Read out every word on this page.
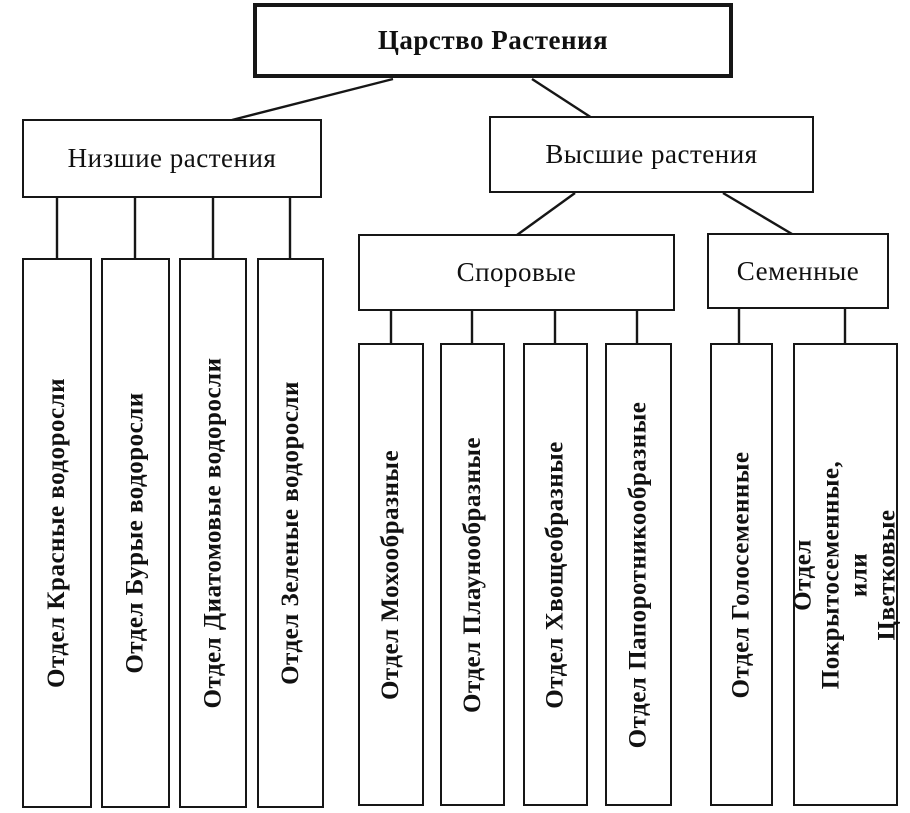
Царство Растения
Низшие растения	Высшие растения
Споровые	Семенные
Отдел Красные водоросли Отдел Бурые водоросли Отдел Диатомовые водоросли Отдел Зеленые водоросли	Отдел Мохообразные Отдел Плаунообразные Отдел Хвощеобразные Отдел Папоротникообразные	Отдел Голосеменные Отдел Покрытосеменные, или
Цветковые
